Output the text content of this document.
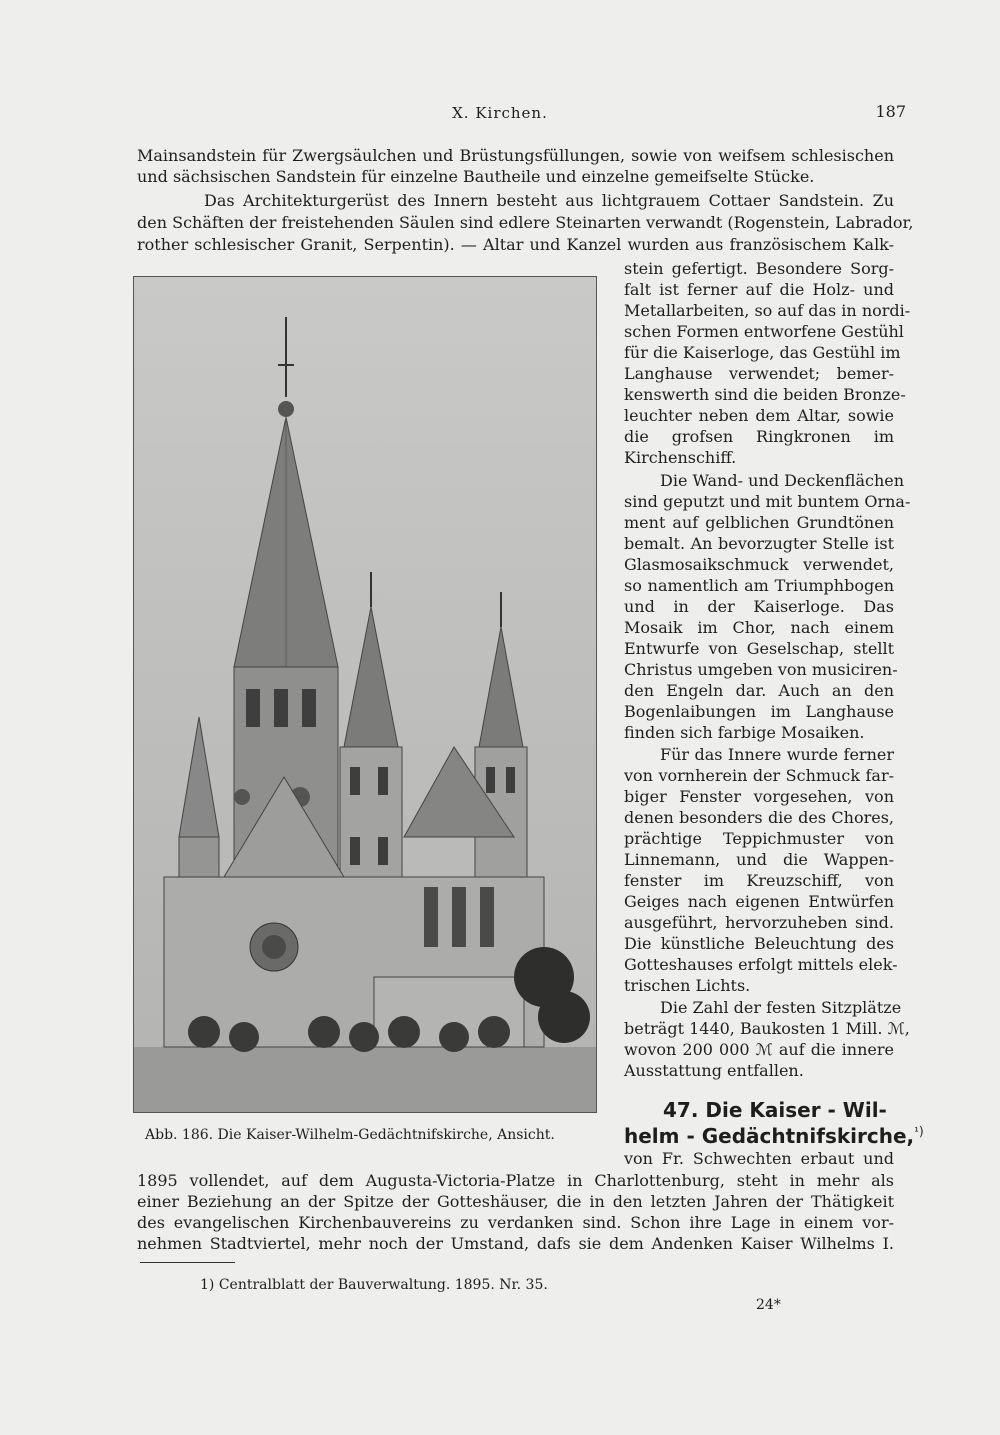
X. Kirchen.	187
Mainsandstein für Zwergsäulchen und Brüstungsfüllungen, sowie von weifsem schlesischen
und sächsischen Sandstein für einzelne Bautheile und einzelne gemeifselte Stücke.
Das Architekturgerüst des Innern besteht aus lichtgrauem Cottaer Sandstein. Zu
den Schäften der freistehenden Säulen sind edlere Steinarten verwandt (Rogenstein, Labrador,
rother schlesischer Granit, Serpentin). — Altar und Kanzel wurden aus französischem Kalk-
stein gefertigt. Besondere Sorg-
falt ist ferner auf die Holz- und
Metallarbeiten, so auf das in nordi-
schen Formen entworfene Gestühl
für die Kaiserloge, das Gestühl im
Langhause verwendet; bemer-
kenswerth sind die beiden Bronze-
leuchter neben dem Altar, sowie
die grofsen Ringkronen im
Kirchenschiff.
Die Wand- und Deckenflächen
sind geputzt und mit buntem Orna-
ment auf gelblichen Grundtönen
bemalt. An bevorzugter Stelle ist
Glasmosaikschmuck verwendet,
so namentlich am Triumphbogen
und in der Kaiserloge. Das
Mosaik im Chor, nach einem
Entwurfe von Geselschap, stellt
Christus umgeben von musiciren-
den Engeln dar. Auch an den
Bogenlaibungen im Langhause
finden sich farbige Mosaiken.
Für das Innere wurde ferner
von vornherein der Schmuck far-
biger Fenster vorgesehen, von
denen besonders die des Chores,
prächtige Teppichmuster von
Linnemann, und die Wappen-
fenster im Kreuzschiff, von
Geiges nach eigenen Entwürfen
ausgeführt, hervorzuheben sind.
Die künstliche Beleuchtung des
Gotteshauses erfolgt mittels elek-
trischen Lichts.
Die Zahl der festen Sitzplätze
beträgt 1440, Baukosten 1 Mill. ℳ,
wovon 200 000 ℳ auf die innere
Ausstattung entfallen.
Abb. 186. Die Kaiser-Wilhelm-Gedächtnifskirche, Ansicht.
47. Die Kaiser - Wil-
helm - Gedächtnifskirche,$^{^1)}$
von Fr. Schwechten erbaut und
1895 vollendet, auf dem Augusta-Victoria-Platze in Charlottenburg, steht in mehr als
einer Beziehung an der Spitze der Gotteshäuser, die in den letzten Jahren der Thätigkeit
des evangelischen Kirchenbauvereins zu verdanken sind. Schon ihre Lage in einem vor-
nehmen Stadtviertel, mehr noch der Umstand, dafs sie dem Andenken Kaiser Wilhelms I.
1) Centralblatt der Bauverwaltung. 1895. Nr. 35.
24*
